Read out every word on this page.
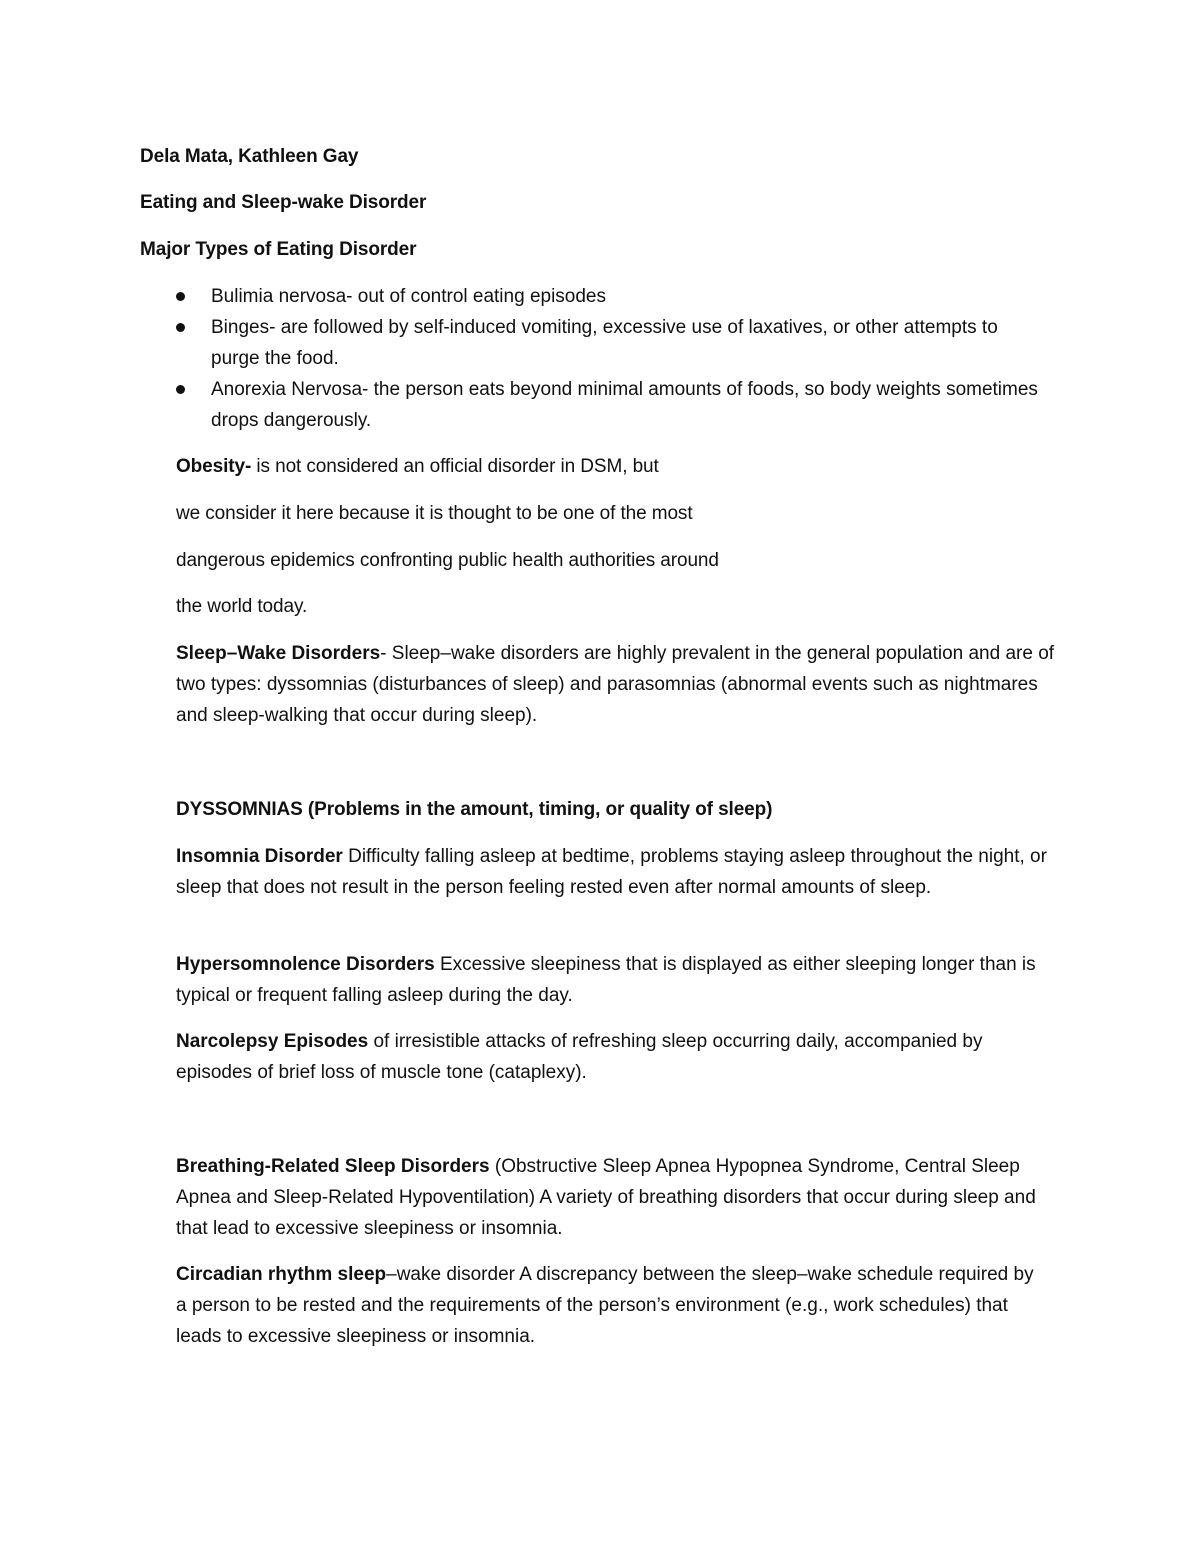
Dela Mata, Kathleen Gay
Eating and Sleep-wake Disorder
Major Types of Eating Disorder
Bulimia nervosa- out of control eating episodes
Binges- are followed by self-induced vomiting, excessive use of laxatives, or other attempts to purge the food.
Anorexia Nervosa- the person eats beyond minimal amounts of foods, so body weights sometimes drops dangerously.
Obesity- is not considered an official disorder in DSM, but
we consider it here because it is thought to be one of the most
dangerous epidemics confronting public health authorities around
the world today.
Sleep–Wake Disorders- Sleep–wake disorders are highly prevalent in the general population and are of two types: dyssomnias (disturbances of sleep) and parasomnias (abnormal events such as nightmares and sleep-walking that occur during sleep).
DYSSOMNIAS (Problems in the amount, timing, or quality of sleep)
Insomnia Disorder Difficulty falling asleep at bedtime, problems staying asleep throughout the night, or sleep that does not result in the person feeling rested even after normal amounts of sleep.
Hypersomnolence Disorders Excessive sleepiness that is displayed as either sleeping longer than is typical or frequent falling asleep during the day.
Narcolepsy Episodes of irresistible attacks of refreshing sleep occurring daily, accompanied by episodes of brief loss of muscle tone (cataplexy).
Breathing-Related Sleep Disorders (Obstructive Sleep Apnea Hypopnea Syndrome, Central Sleep Apnea and Sleep-Related Hypoventilation) A variety of breathing disorders that occur during sleep and that lead to excessive sleepiness or insomnia.
Circadian rhythm sleep–wake disorder A discrepancy between the sleep–wake schedule required by a person to be rested and the requirements of the person’s environment (e.g., work schedules) that leads to excessive sleepiness or insomnia.
